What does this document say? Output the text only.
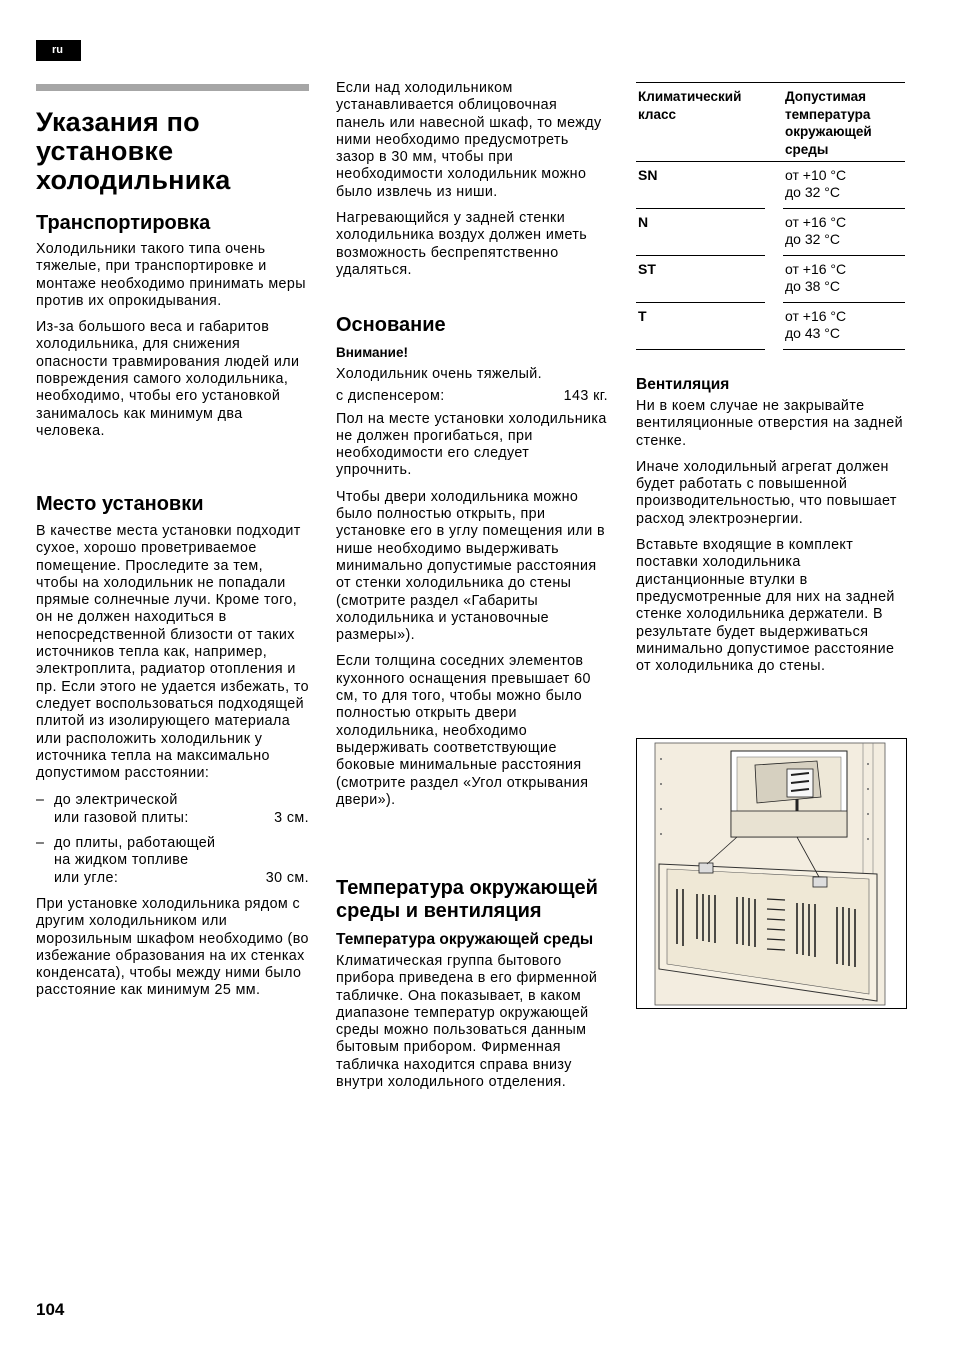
ru
Указания по установке холодильника
Транспортировка

Холодильники такого типа очень тяжелые, при транспортировке и монтаже необходимо принимать меры против их опрокидывания.

Из-за большого веса и габаритов холодильника, для снижения опасности травмирования людей или повреждения самого холодильника, необходимо, чтобы его установкой занималось как минимум два человека.

Место установки

В качестве места установки подходит сухое, хорошо проветриваемое помещение. Проследите за тем, чтобы на холодильник не попадали прямые солнечные лучи. Кроме того, он не должен находиться в непосредственной близости от таких источников тепла как, например, электроплита, радиатор отопления и пр. Если этого не удается избежать, то следует воспользоваться подходящей плитой из изолирующего материала или расположить холодильник у источника тепла на максимально допустимом расстоянии:

– до электрической
или газовой плиты:	3 см.
– до плиты, работающей
на жидком топливе
или угле:	30 см.

При установке холодильника рядом с другим холодильником или морозильным шкафом необходимо (во избежание образования на их стенках конденсата), чтобы между ними было расстояние как минимум 25 мм.

Если над холодильником устанавливается облицовочная панель или навесной шкаф, то между ними необходимо предусмотреть зазор в 30 мм, чтобы при необходимости холодильник можно было извлечь из ниши.

Нагревающийся у задней стенки холодильника воздух должен иметь возможность беспрепятственно удаляться.

Основание
Внимание!

Холодильник очень тяжелый.

с диспенсером:	143 кг.

Пол на месте установки холодильника не должен прогибаться, при необходимости его следует упрочнить.

Чтобы двери холодильника можно было полностью открыть, при установке его в углу помещения или в нише необходимо выдерживать минимально допустимые расстояния от стенки холодильника до стены (смотрите раздел «Габариты холодильника и установочные размеры»).

Если толщина соседних элементов кухонного оснащения превышает 60 см, то для того, чтобы можно было полностью открыть двери холодильника, необходимо выдерживать соответствующие боковые минимальные расстояния (смотрите раздел «Угол открывания двери»).

Температура окружающей среды и вентиляция
Температура окружающей среды

Климатическая группа бытового прибора приведена в его фирменной табличке. Она показывает, в каком диапазоне температур окружающей среды можно пользоваться данным бытовым прибором. Фирменная табличка находится справа внизу внутри холодильного отделения.

Климатический класс		Допустимая температура окружающей среды
SN		от +10 °C
до 32 °C

N		от +16 °C
до 32 °C

ST		от +16 °C
до 38 °C

T		от +16 °C
до 43 °C
Вентиляция

Ни в коем случае не закрывайте вентиляционные отверстия на задней стенке.

Иначе холодильный агрегат должен будет работать с повышенной производительностью, что повышает расход электроэнергии.

Вставьте входящие в комплект поставки холодильника дистанционные втулки в предусмотренные для них на задней стенке холодильника держатели. В результате будет выдерживаться минимально допустимое расстояние от холодильника до стены.

104
